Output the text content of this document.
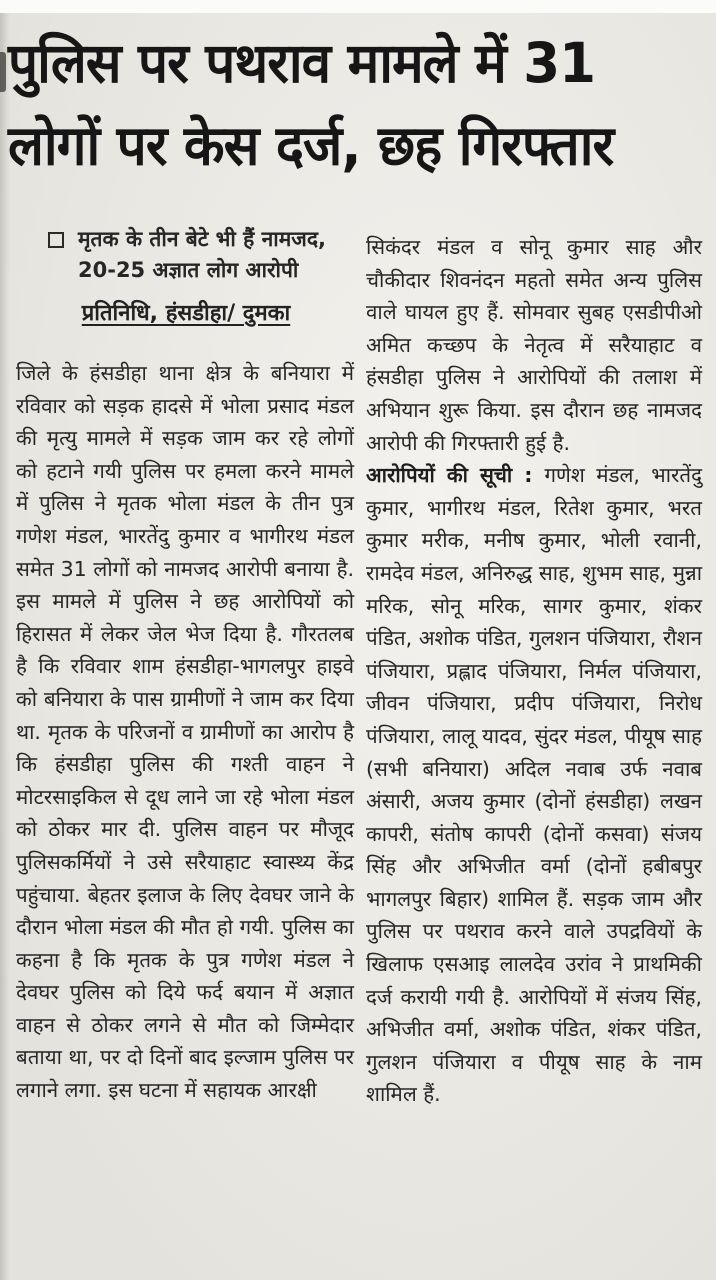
पुलिस पर पथराव मामले में 31
लोगों पर केस दर्ज, छह गिरफ्तार
मृतक के तीन बेटे भी हैं नामजद,
20-25 अज्ञात लोग आरोपी
प्रतिनिधि, हंसडीहा/ दुमका

जिले के हंसडीहा थाना क्षेत्र के बनियारा में रविवार को सड़क हादसे में भोला प्रसाद मंडल की मृत्यु मामले में सड़क जाम कर रहे लोगों को हटाने गयी पुलिस पर हमला करने मामले में पुलिस ने मृतक भोला मंडल के तीन पुत्र गणेश मंडल, भारतेंदु कुमार व भागीरथ मंडल समेत 31 लोगों को नामजद आरोपी बनाया है. इस मामले में पुलिस ने छह आरोपियों को हिरासत में लेकर जेल भेज दिया है. गौरतलब है कि रविवार शाम हंसडीहा-भागलपुर हाइवे को बनियारा के पास ग्रामीणों ने जाम कर दिया था. मृतक के परिजनों व ग्रामीणों का आरोप है कि हंसडीहा पुलिस की गश्ती वाहन ने मोटरसाइकिल से दूध लाने जा रहे भोला मंडल को ठोकर मार दी. पुलिस वाहन पर मौजूद पुलिसकर्मियों ने उसे सरैयाहाट स्वास्थ्य केंद्र पहुंचाया. बेहतर इलाज के लिए देवघर जाने के दौरान भोला मंडल की मौत हो गयी. पुलिस का कहना है कि मृतक के पुत्र गणेश मंडल ने देवघर पुलिस को दिये फर्द बयान में अज्ञात वाहन से ठोकर लगने से मौत को जिम्मेदार बताया था, पर दो दिनों बाद इल्जाम पुलिस पर लगाने लगा. इस घटना में सहायक आरक्षी

सिकंदर मंडल व सोनू कुमार साह और चौकीदार शिवनंदन महतो समेत अन्य पुलिस वाले घायल हुए हैं. सोमवार सुबह एसडीपीओ अमित कच्छप के नेतृत्व में सरैयाहाट व हंसडीहा पुलिस ने आरोपियों की तलाश में अभियान शुरू किया. इस दौरान छह नामजद आरोपी की गिरफ्तारी हुई है.

आरोपियों की सूची : गणेश मंडल, भारतेंदु कुमार, भागीरथ मंडल, रितेश कुमार, भरत कुमार मरीक, मनीष कुमार, भोली रवानी, रामदेव मंडल, अनिरुद्ध साह, शुभम साह, मुन्ना मरिक, सोनू मरिक, सागर कुमार, शंकर पंडित, अशोक पंडित, गुलशन पंजियारा, रौशन पंजियारा, प्रह्लाद पंजियारा, निर्मल पंजियारा, जीवन पंजियारा, प्रदीप पंजियारा, निरोध पंजियारा, लालू यादव, सुंदर मंडल, पीयूष साह (सभी बनियारा) अदिल नवाब उर्फ नवाब अंसारी, अजय कुमार (दोनों हंसडीहा) लखन कापरी, संतोष कापरी (दोनों कसवा) संजय सिंह और अभिजीत वर्मा (दोनों हबीबपुर भागलपुर बिहार) शामिल हैं. सड़क जाम और पुलिस पर पथराव करने वाले उपद्रवियों के खिलाफ एसआइ लालदेव उरांव ने प्राथमिकी दर्ज करायी गयी है. आरोपियों में संजय सिंह, अभिजीत वर्मा, अशोक पंडित, शंकर पंडित, गुलशन पंजियारा व पीयूष साह के नाम शामिल हैं.
